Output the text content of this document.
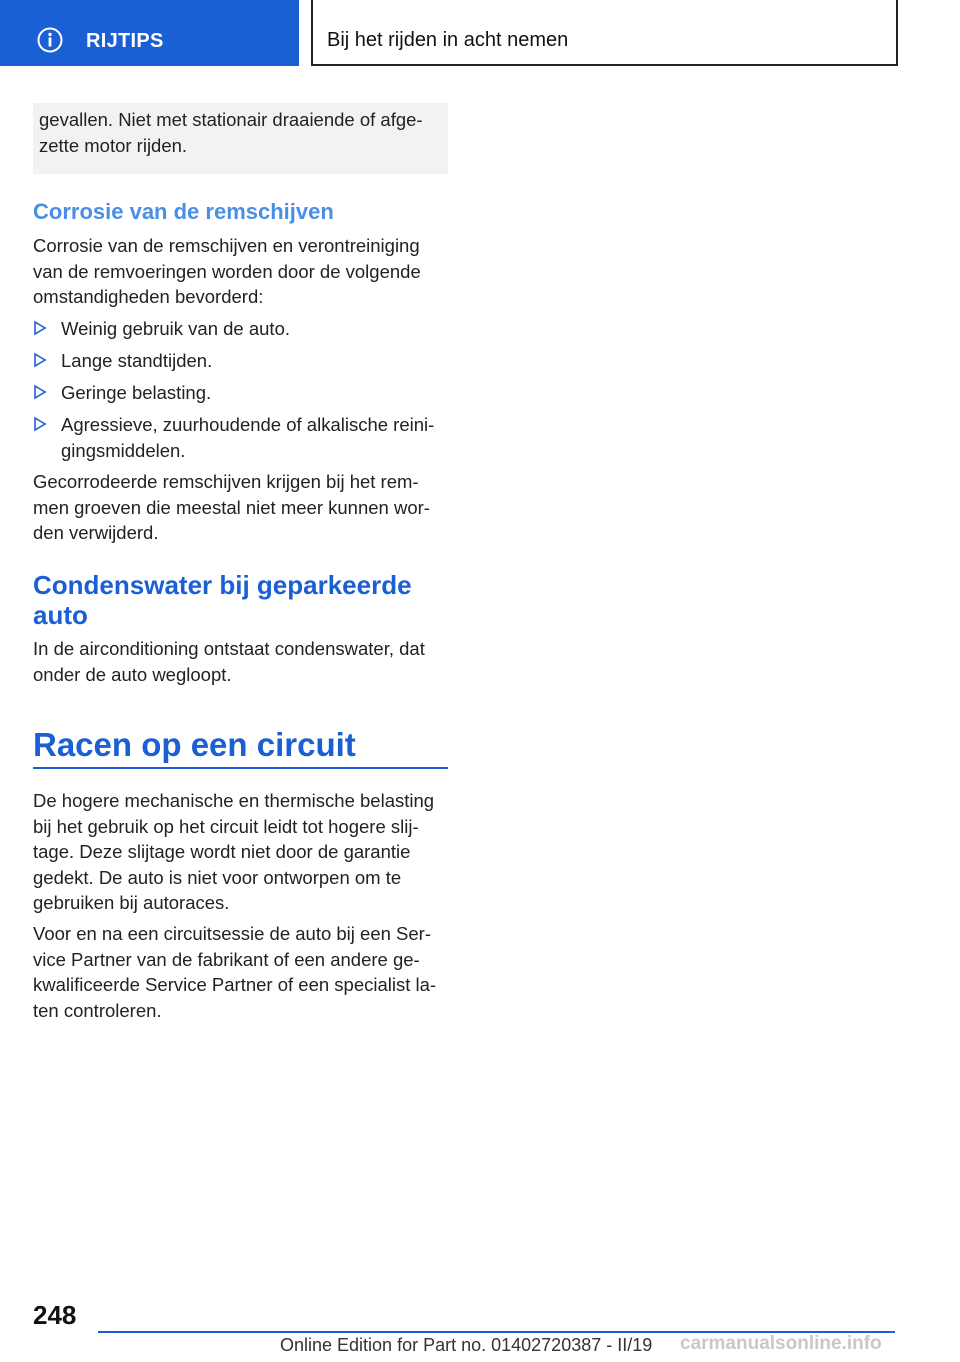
RIJTIPS	Bij het rijden in acht nemen

gevallen. Niet met stationair draaiende of afge-

zette motor rijden.

Corrosie van de remschijven

Corrosie van de remschijven en verontreiniging

van de remvoeringen worden door de volgende

omstandigheden bevorderd:

Weinig gebruik van de auto.
Lange standtijden.
Geringe belasting.
Agressieve, zuurhoudende of alkalische reini-
gingsmiddelen.

Gecorrodeerde remschijven krijgen bij het rem-

men groeven die meestal niet meer kunnen wor-

den verwijderd.

Condenswater bij geparkeerde auto

In de airconditioning ontstaat condenswater, dat

onder de auto wegloopt.

Racen op een circuit

De hogere mechanische en thermische belasting

bij het gebruik op het circuit leidt tot hogere slij-

tage. Deze slijtage wordt niet door de garantie

gedekt. De auto is niet voor ontworpen om te

gebruiken bij autoraces.

Voor en na een circuitsessie de auto bij een Ser-

vice Partner van de fabrikant of een andere ge-

kwalificeerde Service Partner of een specialist la-

ten controleren.

248
Online Edition for Part no. 01402720387 - II/19 carmanualsonline.info
